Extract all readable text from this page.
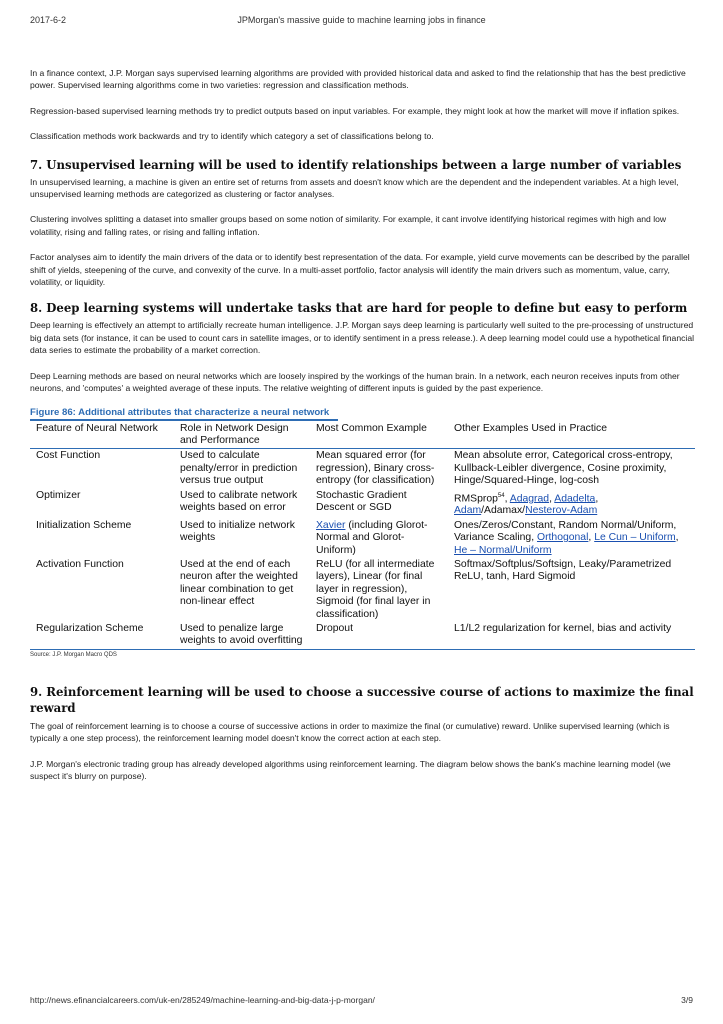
2017-6-2	JPMorgan's massive guide to machine learning jobs in finance

In a finance context, J.P. Morgan says supervised learning algorithms are provided with provided historical data and asked to find the relationship that has the best predictive power. Supervised learning algorithms come in two varieties: regression and classification methods.

Regression-based supervised learning methods try to predict outputs based on input variables. For example, they might look at how the market will move if inflation spikes.

Classification methods work backwards and try to identify which category a set of classifications belong to.

7. Unsupervised learning will be used to identify relationships between a large number of variables

In unsupervised learning, a machine is given an entire set of returns from assets and doesn't know which are the dependent and the independent variables. At a high level, unsupervised learning methods are categorized as clustering or factor analyses.

Clustering involves splitting a dataset into smaller groups based on some notion of similarity. For example, it cant involve identifying historical regimes with high and low volatility, rising and falling rates, or rising and falling inflation.

Factor analyses aim to identify the main drivers of the data or to identify best representation of the data. For example, yield curve movements can be described by the parallel shift of yields, steepening of the curve, and convexity of the curve. In a multi-asset portfolio, factor analysis will identify the main drivers such as momentum, value, carry, volatility, or liquidity.

8. Deep learning systems will undertake tasks that are hard for people to define but easy to perform

Deep learning is effectively an attempt to artificially recreate human intelligence. J.P. Morgan says deep learning is particularly well suited to the pre-processing of unstructured big data sets (for instance, it can be used to count cars in satellite images, or to identify sentiment in a press release.). A deep learning model could use a hypothetical financial data series to estimate the probability of a market correction.

Deep Learning methods are based on neural networks which are loosely inspired by the workings of the human brain. In a network, each neuron receives inputs from other neurons, and 'computes' a weighted average of these inputs. The relative weighting of different inputs is guided by the past experience.

Figure 86: Additional attributes that characterize a neural network
Feature of Neural Network	Role in Network Design and Performance	Most Common Example	Other Examples Used in Practice
Cost Function	Used to calculate penalty/error in prediction versus true output	Mean squared error (for regression), Binary cross-entropy (for classification)	Mean absolute error, Categorical cross-entropy, Kullback-Leibler divergence, Cosine proximity, Hinge/Squared-Hinge, log-cosh
Optimizer	Used to calibrate network weights based on error	Stochastic Gradient Descent or SGD	RMSprop$^{54}$, Adagrad, Adadelta, Adam/Adamax/Nesterov-Adam
Initialization Scheme	Used to initialize network weights	Xavier (including Glorot-Normal and Glorot-Uniform)	Ones/Zeros/Constant, Random Normal/Uniform, Variance Scaling, Orthogonal, Le Cun – Uniform, He – Normal/Uniform
Activation Function	Used at the end of each neuron after the weighted linear combination to get non-linear effect	ReLU (for all intermediate layers), Linear (for final layer in regression), Sigmoid (for final layer in classification)	Softmax/Softplus/Softsign, Leaky/Parametrized ReLU, tanh, Hard Sigmoid
Regularization Scheme	Used to penalize large weights to avoid overfitting	Dropout	L1/L2 regularization for kernel, bias and activity
Source: J.P. Morgan Macro QDS
9. Reinforcement learning will be used to choose a successive course of actions to maximize the final reward

The goal of reinforcement learning is to choose a course of successive actions in order to maximize the final (or cumulative) reward. Unlike supervised learning (which is typically a one step process), the reinforcement learning model doesn't know the correct action at each step.

J.P. Morgan's electronic trading group has already developed algorithms using reinforcement learning. The diagram below shows the bank's machine learning model (we suspect it's blurry on purpose).

http://news.efinancialcareers.com/uk-en/285249/machine-learning-and-big-data-j-p-morgan/	3/9
